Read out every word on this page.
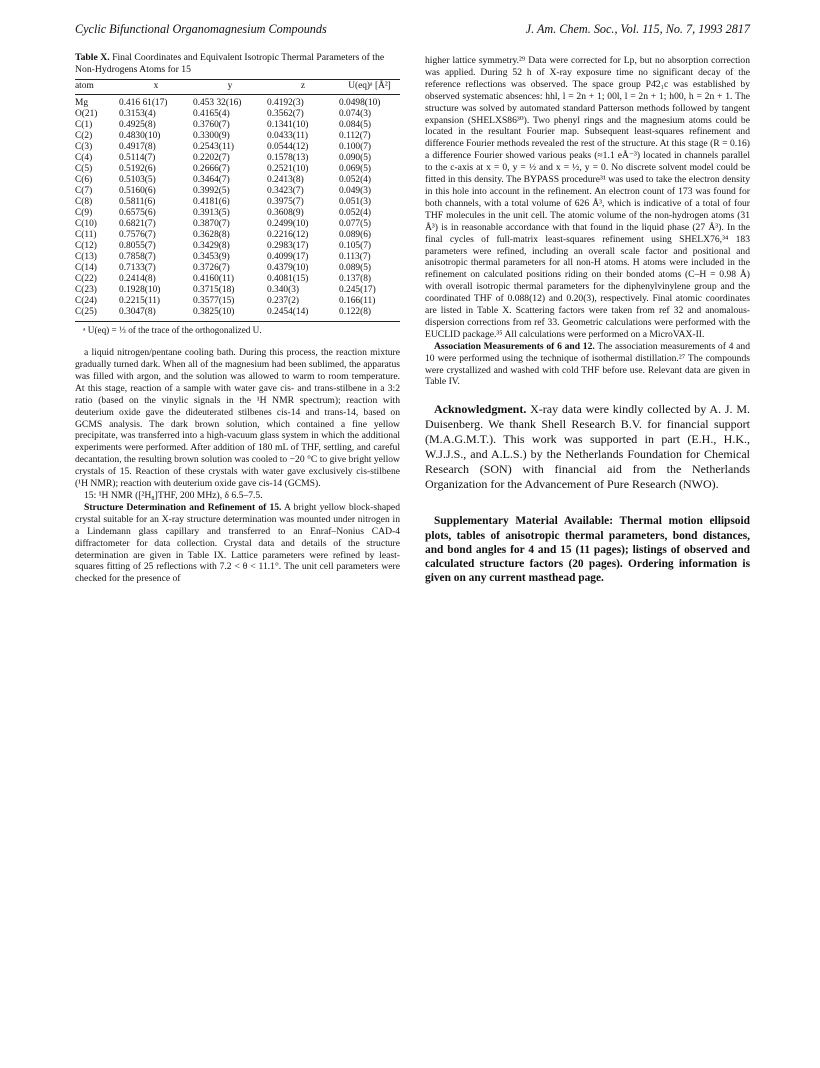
Cyclic Bifunctional Organomagnesium Compounds	J. Am. Chem. Soc., Vol. 115, No. 7, 1993 2817
Table X. Final Coordinates and Equivalent Isotropic Thermal Parameters of the Non-Hydrogens Atoms for 15
atom	x	y	z	U(eq)ᵃ [Å²]
Mg	0.416 61(17)	0.453 32(16)	0.4192(3)	0.0498(10)
O(21)	0.3153(4)	0.4165(4)	0.3562(7)	0.074(3)
C(1)	0.4925(8)	0.3760(7)	0.1341(10)	0.084(5)
C(2)	0.4830(10)	0.3300(9)	0.0433(11)	0.112(7)
C(3)	0.4917(8)	0.2543(11)	0.0544(12)	0.100(7)
C(4)	0.5114(7)	0.2202(7)	0.1578(13)	0.090(5)
C(5)	0.5192(6)	0.2666(7)	0.2521(10)	0.069(5)
C(6)	0.5103(5)	0.3464(7)	0.2413(8)	0.052(4)
C(7)	0.5160(6)	0.3992(5)	0.3423(7)	0.049(3)
C(8)	0.5811(6)	0.4181(6)	0.3975(7)	0.051(3)
C(9)	0.6575(6)	0.3913(5)	0.3608(9)	0.052(4)
C(10)	0.6821(7)	0.3870(7)	0.2499(10)	0.077(5)
C(11)	0.7576(7)	0.3628(8)	0.2216(12)	0.089(6)
C(12)	0.8055(7)	0.3429(8)	0.2983(17)	0.105(7)
C(13)	0.7858(7)	0.3453(9)	0.4099(17)	0.113(7)
C(14)	0.7133(7)	0.3726(7)	0.4379(10)	0.089(5)
C(22)	0.2414(8)	0.4160(11)	0.4081(15)	0.137(8)
C(23)	0.1928(10)	0.3715(18)	0.340(3)	0.245(17)
C(24)	0.2215(11)	0.3577(15)	0.237(2)	0.166(11)
C(25)	0.3047(8)	0.3825(10)	0.2454(14)	0.122(8)
ᵃ U(eq) = ⅓ of the trace of the orthogonalized U.

a liquid nitrogen/pentane cooling bath. During this process, the reaction mixture gradually turned dark. When all of the magnesium had been sublimed, the apparatus was filled with argon, and the solution was allowed to warm to room temperature. At this stage, reaction of a sample with water gave cis- and trans-stilbene in a 3:2 ratio (based on the vinylic signals in the ¹H NMR spectrum); reaction with deuterium oxide gave the dideuterated stilbenes cis-14 and trans-14, based on GCMS analysis. The dark brown solution, which contained a fine yellow precipitate, was transferred into a high-vacuum glass system in which the additional experiments were performed. After addition of 180 mL of THF, settling, and careful decantation, the resulting brown solution was cooled to −20 °C to give bright yellow crystals of 15. Reaction of these crystals with water gave exclusively cis-stilbene (¹H NMR); reaction with deuterium oxide gave cis-14 (GCMS).

15: ¹H NMR ([²H₈]THF, 200 MHz), δ 6.5–7.5.

Structure Determination and Refinement of 15. A bright yellow block-shaped crystal suitable for an X-ray structure determination was mounted under nitrogen in a Lindemann glass capillary and transferred to an Enraf–Nonius CAD-4 diffractometer for data collection. Crystal data and details of the structure determination are given in Table IX. Lattice parameters were refined by least-squares fitting of 25 reflections with 7.2 < θ < 11.1°. The unit cell parameters were checked for the presence of

higher lattice symmetry.²⁹ Data were corrected for Lp, but no absorption correction was applied. During 52 h of X-ray exposure time no significant decay of the reference reflections was observed. The space group P4̄2₁c was established by observed systematic absences: hhl, l = 2n + 1; 00l, l = 2n + 1; h00, h = 2n + 1. The structure was solved by automated standard Patterson methods followed by tangent expansion (SHELXS86³⁰). Two phenyl rings and the magnesium atoms could be located in the resultant Fourier map. Subsequent least-squares refinement and difference Fourier methods revealed the rest of the structure. At this stage (R = 0.16) a difference Fourier showed various peaks (≈1.1 eÅ⁻³) located in channels parallel to the c-axis at x = 0, y = ½ and x = ½, y = 0. No discrete solvent model could be fitted in this density. The BYPASS procedure³¹ was used to take the electron density in this hole into account in the refinement. An electron count of 173 was found for both channels, with a total volume of 626 Å³, which is indicative of a total of four THF molecules in the unit cell. The atomic volume of the non-hydrogen atoms (31 Å³) is in reasonable accordance with that found in the liquid phase (27 Å³). In the final cycles of full-matrix least-squares refinement using SHELX76,³⁴ 183 parameters were refined, including an overall scale factor and positional and anisotropic thermal parameters for all non-H atoms. H atoms were included in the refinement on calculated positions riding on their bonded atoms (C–H = 0.98 Å) with overall isotropic thermal parameters for the diphenylvinylene group and the coordinated THF of 0.088(12) and 0.20(3), respectively. Final atomic coordinates are listed in Table X. Scattering factors were taken from ref 32 and anomalous-dispersion corrections from ref 33. Geometric calculations were performed with the EUCLID package.³⁵ All calculations were performed on a MicroVAX-II.

Association Measurements of 6 and 12. The association measurements of 4 and 10 were performed using the technique of isothermal distillation.²⁷ The compounds were crystallized and washed with cold THF before use. Relevant data are given in Table IV.

Acknowledgment. X-ray data were kindly collected by A. J. M. Duisenberg. We thank Shell Research B.V. for financial support (M.A.G.M.T.). This work was supported in part (E.H., H.K., W.J.J.S., and A.L.S.) by the Netherlands Foundation for Chemical Research (SON) with financial aid from the Netherlands Organization for the Advancement of Pure Research (NWO).

Supplementary Material Available: Thermal motion ellipsoid plots, tables of anisotropic thermal parameters, bond distances, and bond angles for 4 and 15 (11 pages); listings of observed and calculated structure factors (20 pages). Ordering information is given on any current masthead page.
